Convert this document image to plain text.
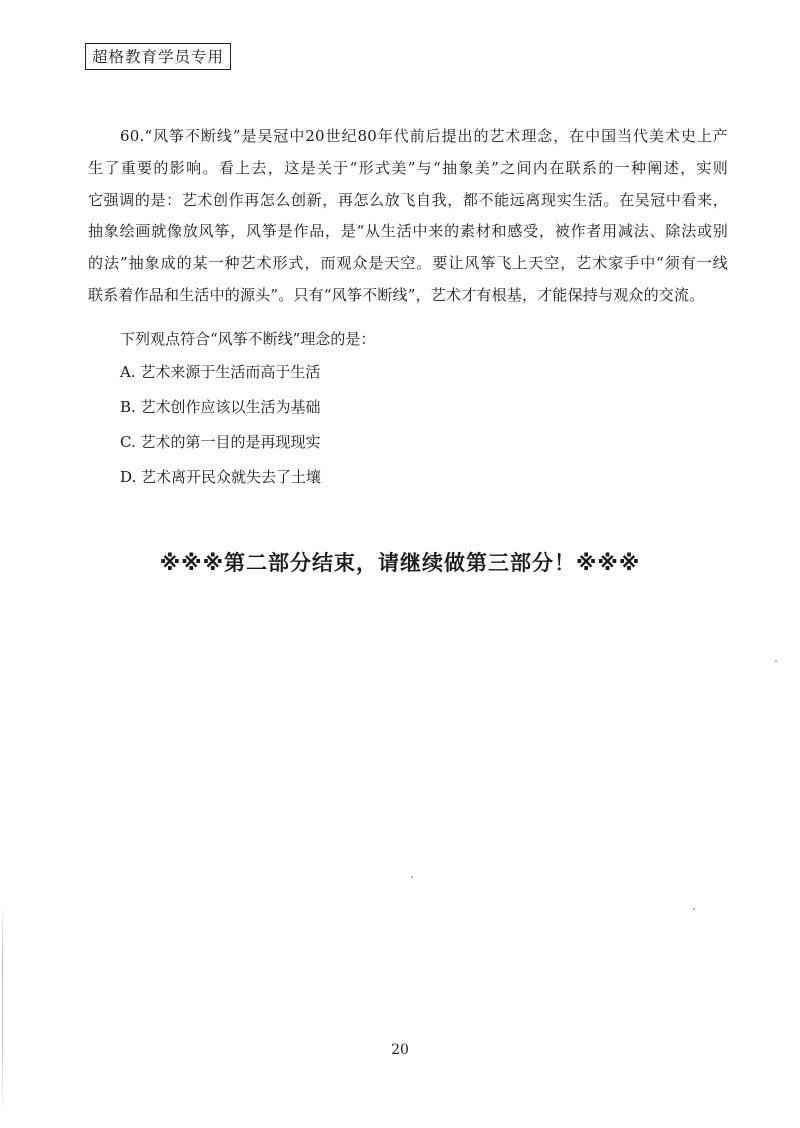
超格教育学员专用
60.“风筝不断线”是吴冠中20世纪80年代前后提出的艺术理念，在中国当代美术史上产
生了重要的影响。看上去，这是关于“形式美”与“抽象美”之间内在联系的一种阐述，实则
它强调的是：艺术创作再怎么创新，再怎么放飞自我，都不能远离现实生活。在吴冠中看来，
抽象绘画就像放风筝，风筝是作品，是“从生活中来的素材和感受，被作者用减法、除法或别
的法”抽象成的某一种艺术形式，而观众是天空。要让风筝飞上天空，艺术家手中“须有一线
联系着作品和生活中的源头”。只有“风筝不断线”，艺术才有根基，才能保持与观众的交流。
下列观点符合“风筝不断线”理念的是：
A. 艺术来源于生活而高于生活
B. 艺术创作应该以生活为基础
C. 艺术的第一目的是再现现实
D. 艺术离开民众就失去了土壤
※※※第二部分结束，请继续做第三部分！※※※
20
